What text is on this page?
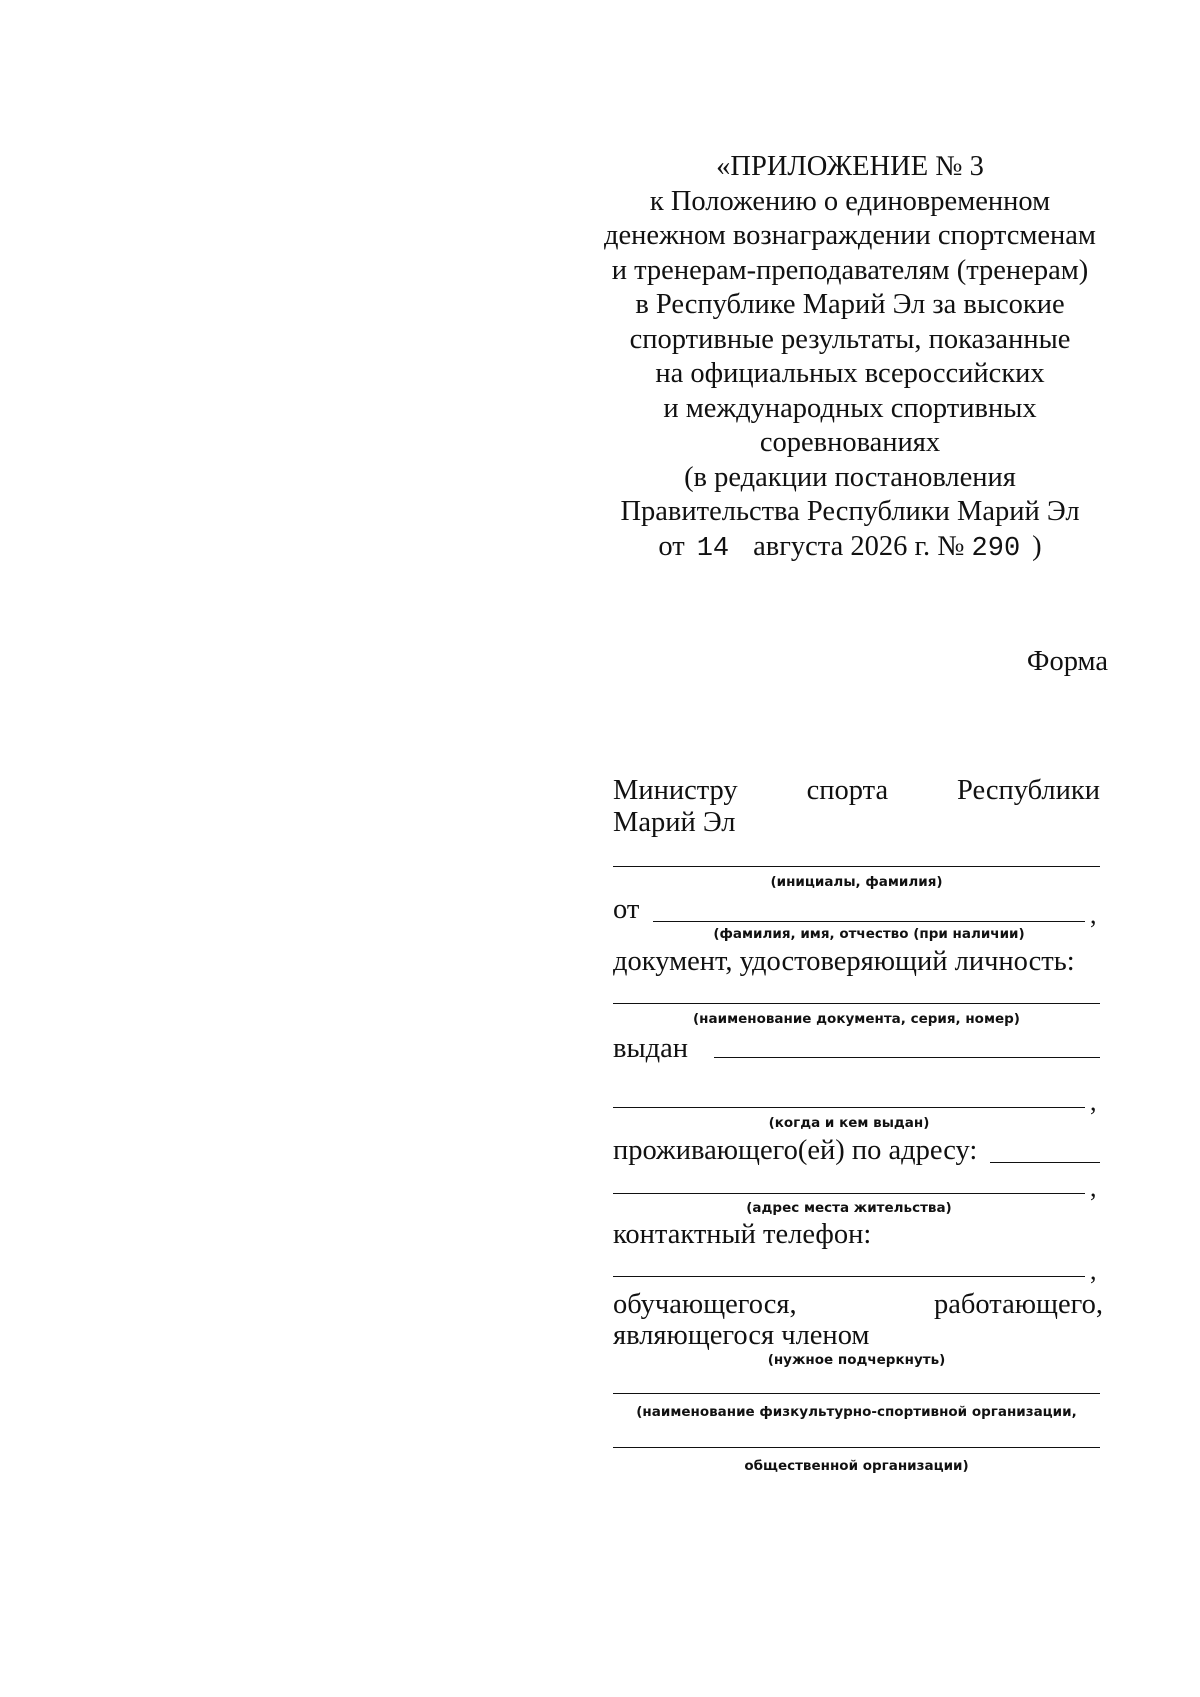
«ПРИЛОЖЕНИЕ № 3
к Положению о единовременном
денежном вознаграждении спортсменам
и тренерам-преподавателям (тренерам)
в Республике Марий Эл за высокие
спортивные результаты, показанные
на официальных всероссийских
и международных спортивных
соревнованиях
(в редакции постановления
Правительства Республики Марий Эл
от 14 августа 2026 г. № 290 )
Форма
Министру спорта Республики
Марий Эл
(инициалы, фамилия)
от	,
(фамилия, имя, отчество (при наличии)
документ, удостоверяющий личность:
(наименование документа, серия, номер)
выдан
,
(когда и кем выдан)
проживающего(ей) по адресу:
,
(адрес места жительства)
контактный телефон:
,
обучающегося,	работающего,
являющегося членом
(нужное подчеркнуть)
(наименование физкультурно-спортивной организации,
общественной организации)
